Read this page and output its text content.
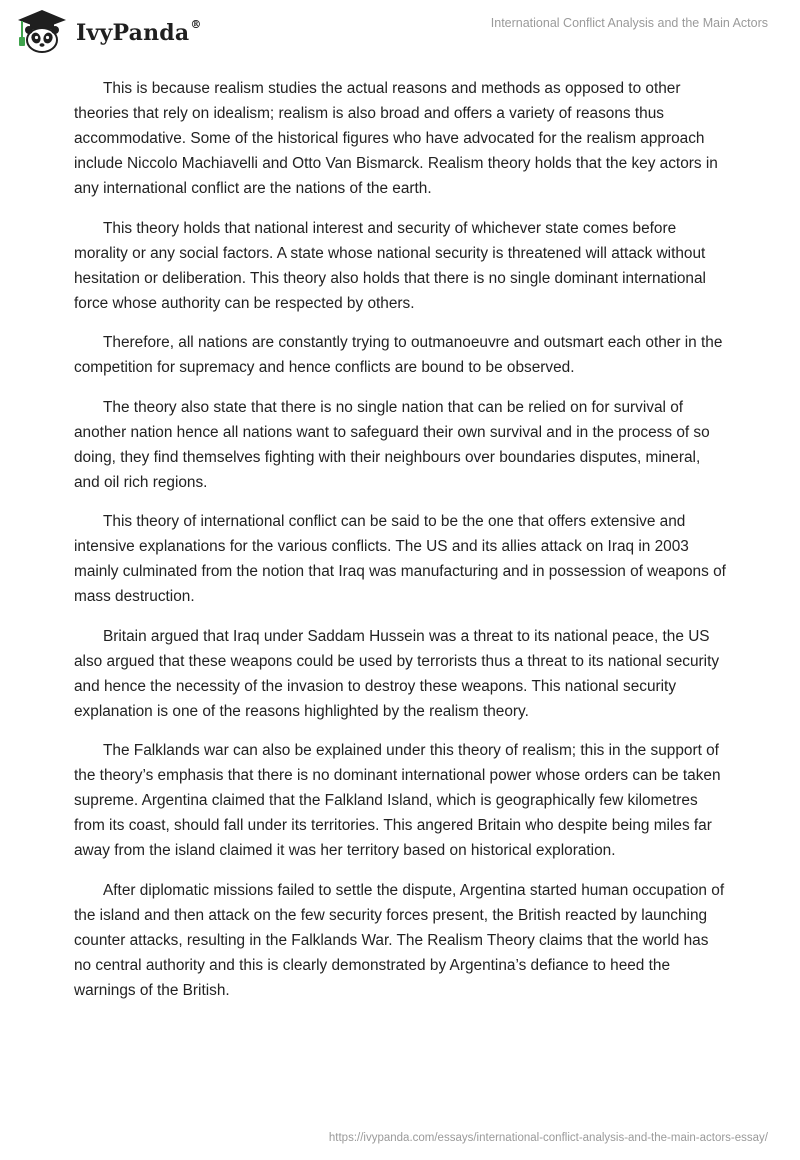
IvyPanda®	International Conflict Analysis and the Main Actors

This is because realism studies the actual reasons and methods as opposed to other theories that rely on idealism; realism is also broad and offers a variety of reasons thus accommodative. Some of the historical figures who have advocated for the realism approach include Niccolo Machiavelli and Otto Van Bismarck. Realism theory holds that the key actors in any international conflict are the nations of the earth.

This theory holds that national interest and security of whichever state comes before morality or any social factors. A state whose national security is threatened will attack without hesitation or deliberation. This theory also holds that there is no single dominant international force whose authority can be respected by others.

Therefore, all nations are constantly trying to outmanoeuvre and outsmart each other in the competition for supremacy and hence conflicts are bound to be observed.

The theory also state that there is no single nation that can be relied on for survival of another nation hence all nations want to safeguard their own survival and in the process of so doing, they find themselves fighting with their neighbours over boundaries disputes, mineral, and oil rich regions.

This theory of international conflict can be said to be the one that offers extensive and intensive explanations for the various conflicts. The US and its allies attack on Iraq in 2003 mainly culminated from the notion that Iraq was manufacturing and in possession of weapons of mass destruction.

Britain argued that Iraq under Saddam Hussein was a threat to its national peace, the US also argued that these weapons could be used by terrorists thus a threat to its national security and hence the necessity of the invasion to destroy these weapons. This national security explanation is one of the reasons highlighted by the realism theory.

The Falklands war can also be explained under this theory of realism; this in the support of the theory’s emphasis that there is no dominant international power whose orders can be taken supreme. Argentina claimed that the Falkland Island, which is geographically few kilometres from its coast, should fall under its territories. This angered Britain who despite being miles far away from the island claimed it was her territory based on historical exploration.

After diplomatic missions failed to settle the dispute, Argentina started human occupation of the island and then attack on the few security forces present, the British reacted by launching counter attacks, resulting in the Falklands War. The Realism Theory claims that the world has no central authority and this is clearly demonstrated by Argentina’s defiance to heed the warnings of the British.

https://ivypanda.com/essays/international-conflict-analysis-and-the-main-actors-essay/
